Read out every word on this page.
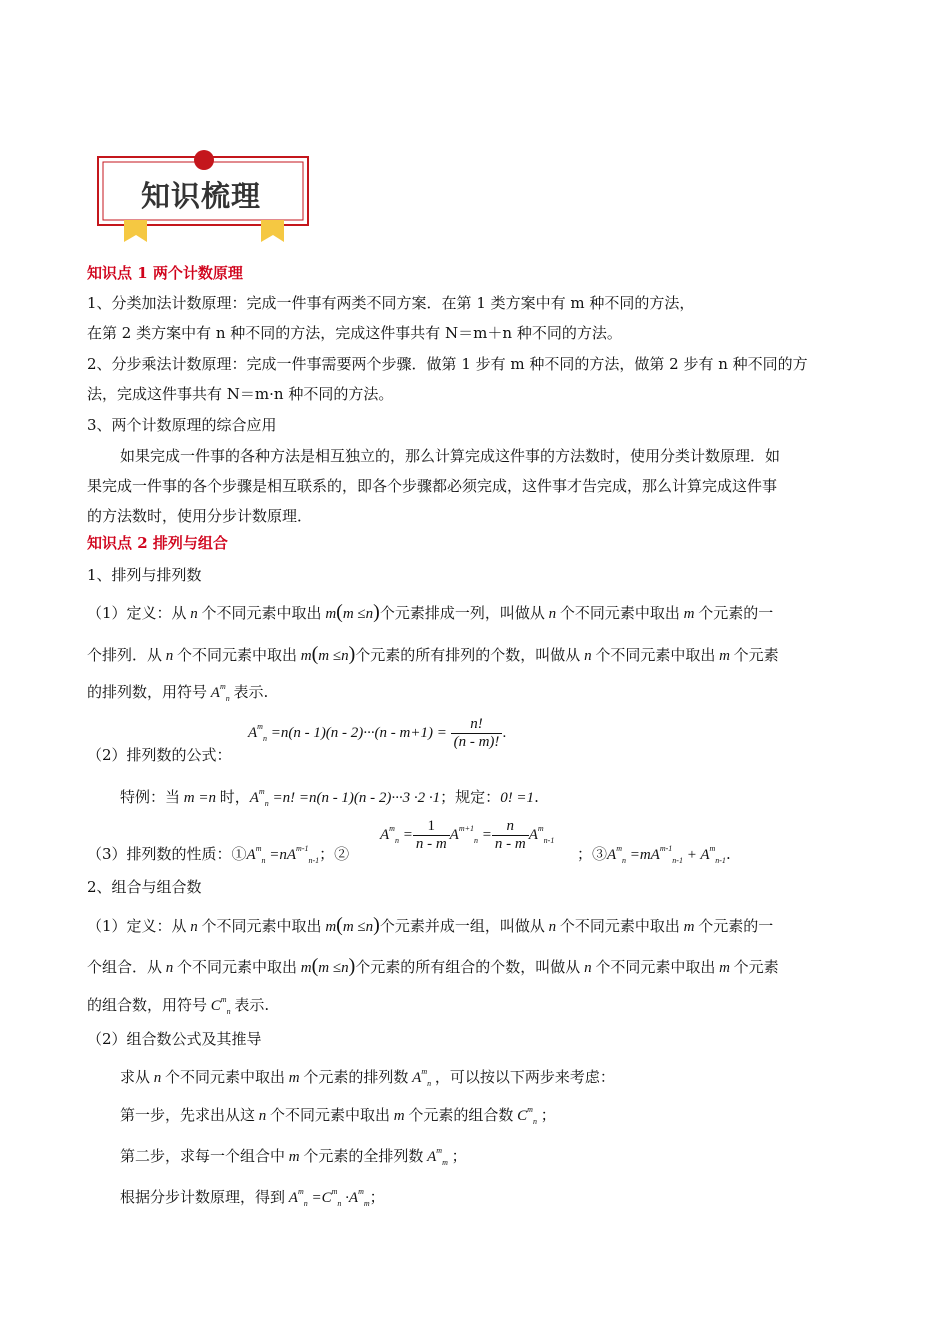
知识梳理
知识点 1 两个计数原理
1、分类加法计数原理：完成一件事有两类不同方案．在第 1 类方案中有 m 种不同的方法，
在第 2 类方案中有 n 种不同的方法，完成这件事共有 N＝m＋n 种不同的方法。
2、分步乘法计数原理：完成一件事需要两个步骤．做第 1 步有 m 种不同的方法，做第 2 步有 n 种不同的方
法，完成这件事共有 N＝m·n 种不同的方法。
3、两个计数原理的综合应用
如果完成一件事的各种方法是相互独立的，那么计算完成这件事的方法数时，使用分类计数原理．如
果完成一件事的各个步骤是相互联系的，即各个步骤都必须完成，这件事才告完成，那么计算完成这件事
的方法数时，使用分步计数原理．
知识点 2 排列与组合
1、排列与排列数
（1）定义：从 n 个不同元素中取出 m(m ≤n)个元素排成一列，叫做从 n 个不同元素中取出 m 个元素的一
个排列．从 n 个不同元素中取出 m(m ≤n)个元素的所有排列的个数，叫做从 n 个不同元素中取出 m 个元素
的排列数，用符号 $A^m_n$ 表示.
（2）排列数的公式：
$A^m_n =n(n - 1)(n - 2)\cdot\cdot\cdot(n - m+1) = \frac{n!}{(n - m)!}$ .
特例：当 m =n 时，$A^m_n =n$! =n(n - 1)(n - 2)···3 ·2 ·1；规定：0! =1.
（3）排列数的性质：$①A^m_n =nA^{m-1}_{n-1}$；②
$A^m_n = \frac{1}{n - m} A^{m+1}_n = \frac{n}{n - m} A^m_{n-1}$
；$③A^m_n =mA^{m-1}_{n-1} + A^m_{n-1}$.
2、组合与组合数
（1）定义：从 n 个不同元素中取出 m(m ≤n)个元素并成一组，叫做从 n 个不同元素中取出 m 个元素的一
个组合．从 n 个不同元素中取出 m(m ≤n)个元素的所有组合的个数，叫做从 n 个不同元素中取出 m 个元素
的组合数，用符号 $C^m_n$ 表示.
（2）组合数公式及其推导
求从 n 个不同元素中取出 m 个元素的排列数 $A^m_n$ ，可以按以下两步来考虑：
第一步，先求出从这 n 个不同元素中取出 m 个元素的组合数 $C^m_n$ ；
第二步，求每一个组合中 m 个元素的全排列数 $A^m_m$ ；
根据分步计数原理，得到 $A^m_n =C^m_n \cdot A^m_m$；
